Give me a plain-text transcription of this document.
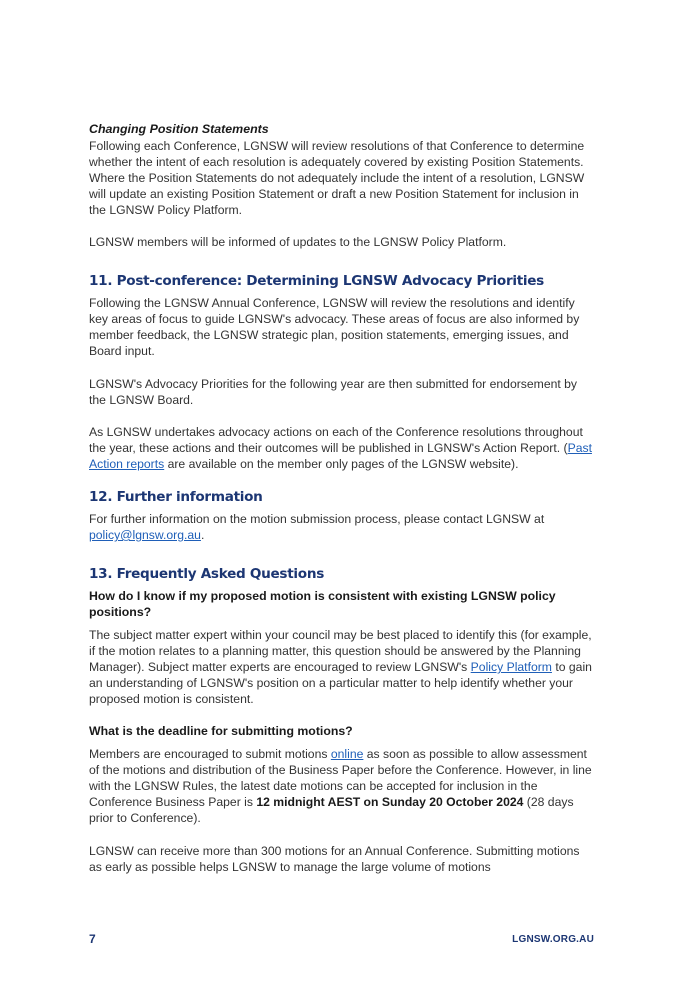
Changing Position Statements

Following each Conference, LGNSW will review resolutions of that Conference to determine whether the intent of each resolution is adequately covered by existing Position Statements. Where the Position Statements do not adequately include the intent of a resolution, LGNSW will update an existing Position Statement or draft a new Position Statement for inclusion in the LGNSW Policy Platform.

LGNSW members will be informed of updates to the LGNSW Policy Platform.

11. Post-conference: Determining LGNSW Advocacy Priorities

Following the LGNSW Annual Conference, LGNSW will review the resolutions and identify key areas of focus to guide LGNSW's advocacy. These areas of focus are also informed by member feedback, the LGNSW strategic plan, position statements, emerging issues, and Board input.

LGNSW's Advocacy Priorities for the following year are then submitted for endorsement by the LGNSW Board.

As LGNSW undertakes advocacy actions on each of the Conference resolutions throughout the year, these actions and their outcomes will be published in LGNSW's Action Report. (Past Action reports are available on the member only pages of the LGNSW website).

12. Further information

For further information on the motion submission process, please contact LGNSW at policy@lgnsw.org.au.

13. Frequently Asked Questions
How do I know if my proposed motion is consistent with existing LGNSW policy positions?

The subject matter expert within your council may be best placed to identify this (for example, if the motion relates to a planning matter, this question should be answered by the Planning Manager). Subject matter experts are encouraged to review LGNSW's Policy Platform to gain an understanding of LGNSW's position on a particular matter to help identify whether your proposed motion is consistent.

What is the deadline for submitting motions?

Members are encouraged to submit motions online as soon as possible to allow assessment of the motions and distribution of the Business Paper before the Conference. However, in line with the LGNSW Rules, the latest date motions can be accepted for inclusion in the Conference Business Paper is 12 midnight AEST on Sunday 20 October 2024 (28 days prior to Conference).

LGNSW can receive more than 300 motions for an Annual Conference. Submitting motions as early as possible helps LGNSW to manage the large volume of motions

7	LGNSW.ORG.AU
